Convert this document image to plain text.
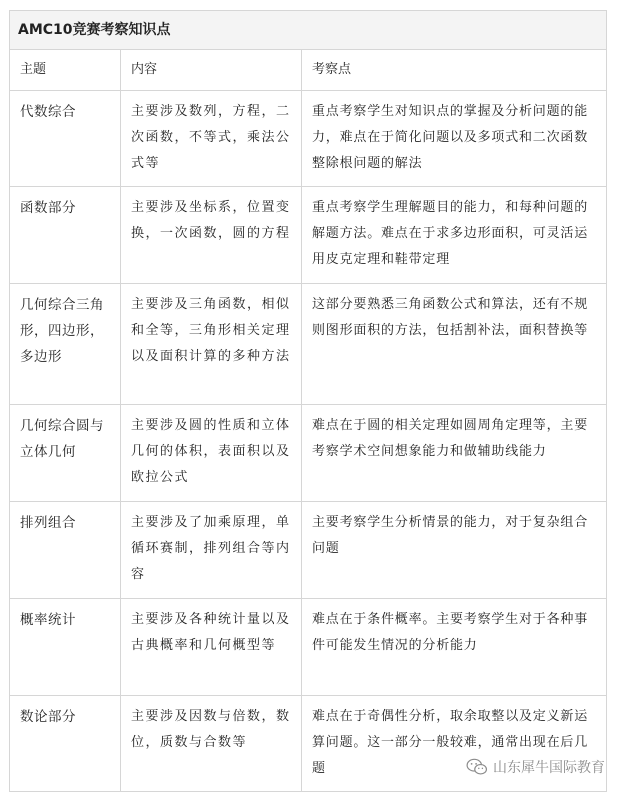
AMC10竞赛考察知识点		
主题	内容	考察点
代数综合	主要涉及数列，方程，二次函数，不等式，乘法公式等	重点考察学生对知识点的掌握及分析问题的能力，难点在于简化问题以及多项式和二次函数整除根问题的解法
函数部分	主要涉及坐标系，位置变换，一次函数，圆的方程	重点考察学生理解题目的能力，和每种问题的解题方法。难点在于求多边形面积，可灵活运用皮克定理和鞋带定理
几何综合三角形，四边形，多边形	主要涉及三角函数，相似和全等，三角形相关定理以及面积计算的多种方法	这部分要熟悉三角函数公式和算法，还有不规则图形面积的方法，包括割补法，面积替换等
几何综合圆与立体几何	主要涉及圆的性质和立体几何的体积，表面积以及欧拉公式	难点在于圆的相关定理如圆周角定理等，主要考察学术空间想象能力和做辅助线能力
排列组合	主要涉及了加乘原理，单循环赛制，排列组合等内容	主要考察学生分析情景的能力，对于复杂组合问题
概率统计	主要涉及各种统计量以及古典概率和几何概型等	难点在于条件概率。主要考察学生对于各种事件可能发生情况的分析能力
数论部分	主要涉及因数与倍数，数位，质数与合数等	难点在于奇偶性分析，取余取整以及定义新运算问题。这一部分一般较难，通常出现在后几题	山东犀牛国际教育
